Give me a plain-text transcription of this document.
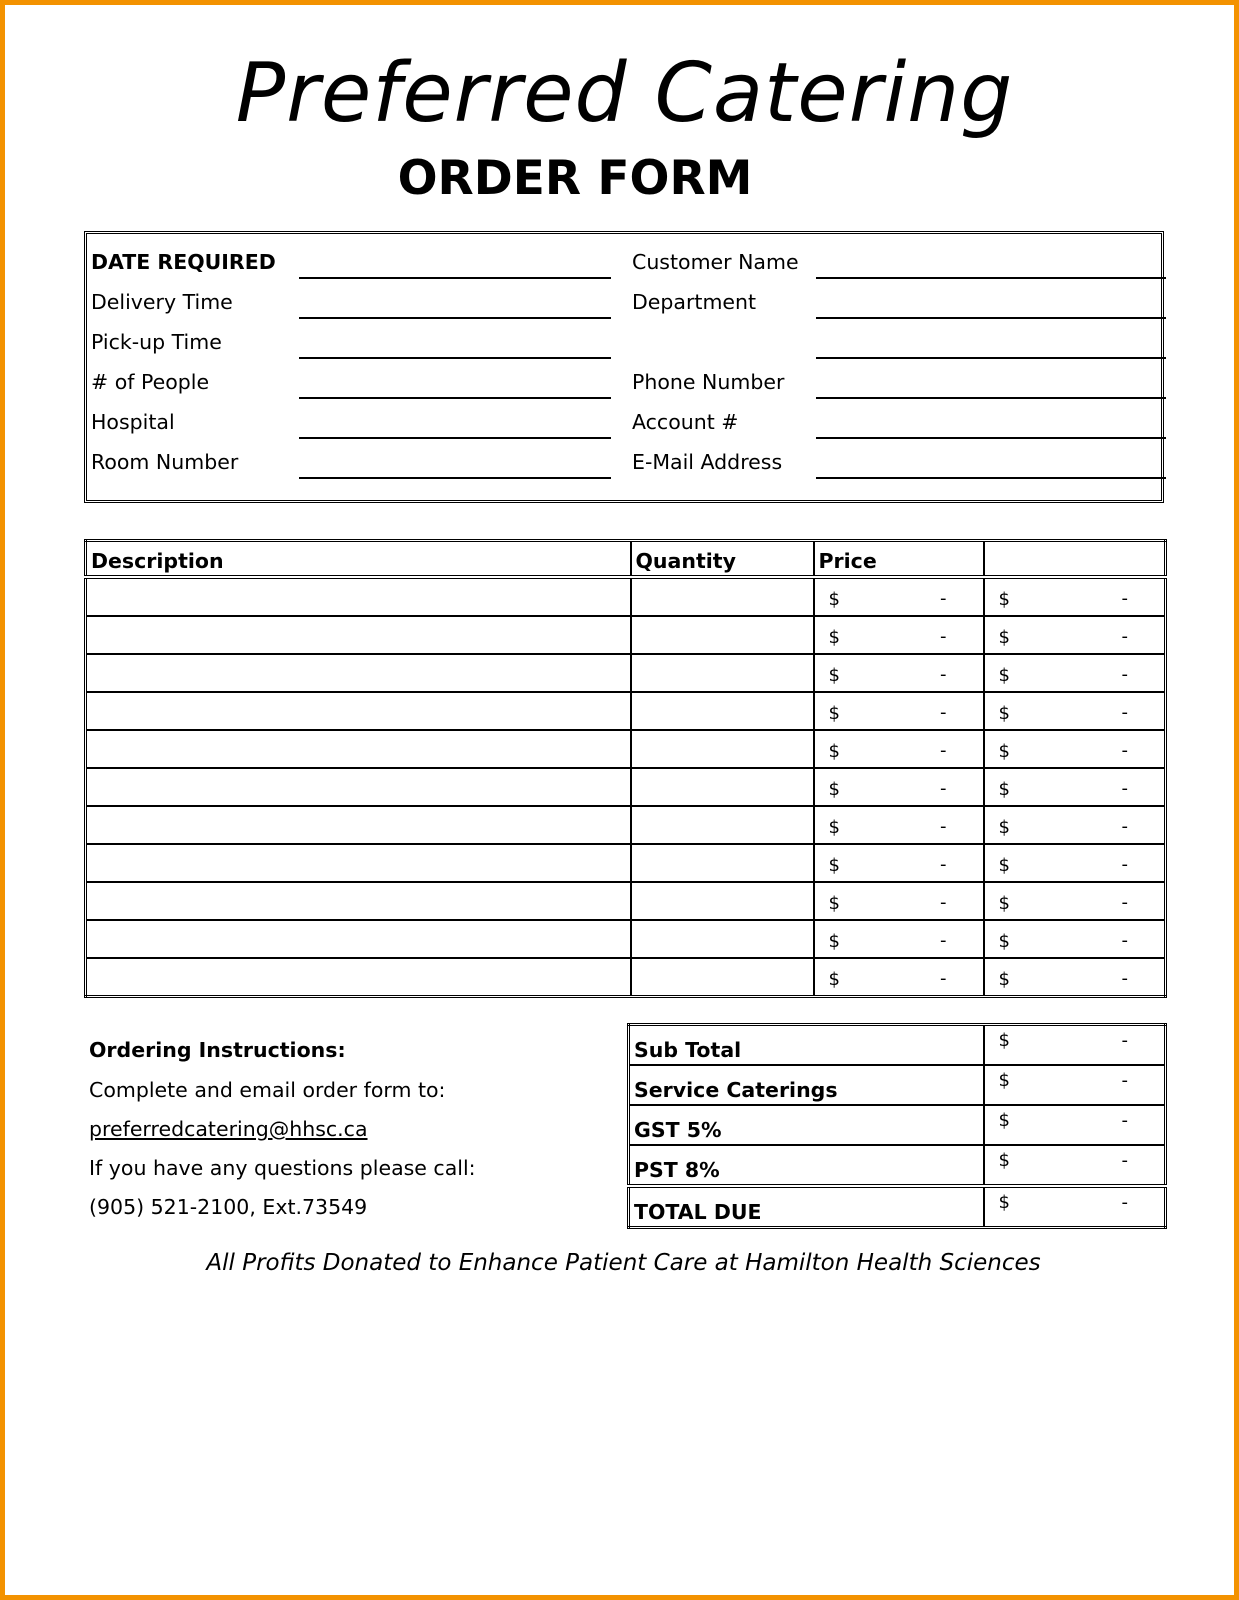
Preferred Catering
ORDER FORM
DATE REQUIRED	Customer Name
Delivery Time	Department
Pick-up Time
# of People	Phone Number
Hospital	Account #
Room Number	E-Mail Address
Description	Quantity	Price	

		$ -	$ -

		$ -	$ -

		$ -	$ -

		$ -	$ -

		$ -	$ -

		$ -	$ -

		$ -	$ -

		$ -	$ -

		$ -	$ -

		$ -	$ -

		$ -	$ -
Ordering Instructions:
Complete and email order form to:
preferredcatering@hhsc.ca
If you have any questions please call:
(905) 521-2100, Ext.73549
Sub Total	$ -

Service Caterings	$ -

GST 5%	$ -

PST 8%	$ -

TOTAL DUE	$ -
All Profits Donated to Enhance Patient Care at Hamilton Health Sciences
